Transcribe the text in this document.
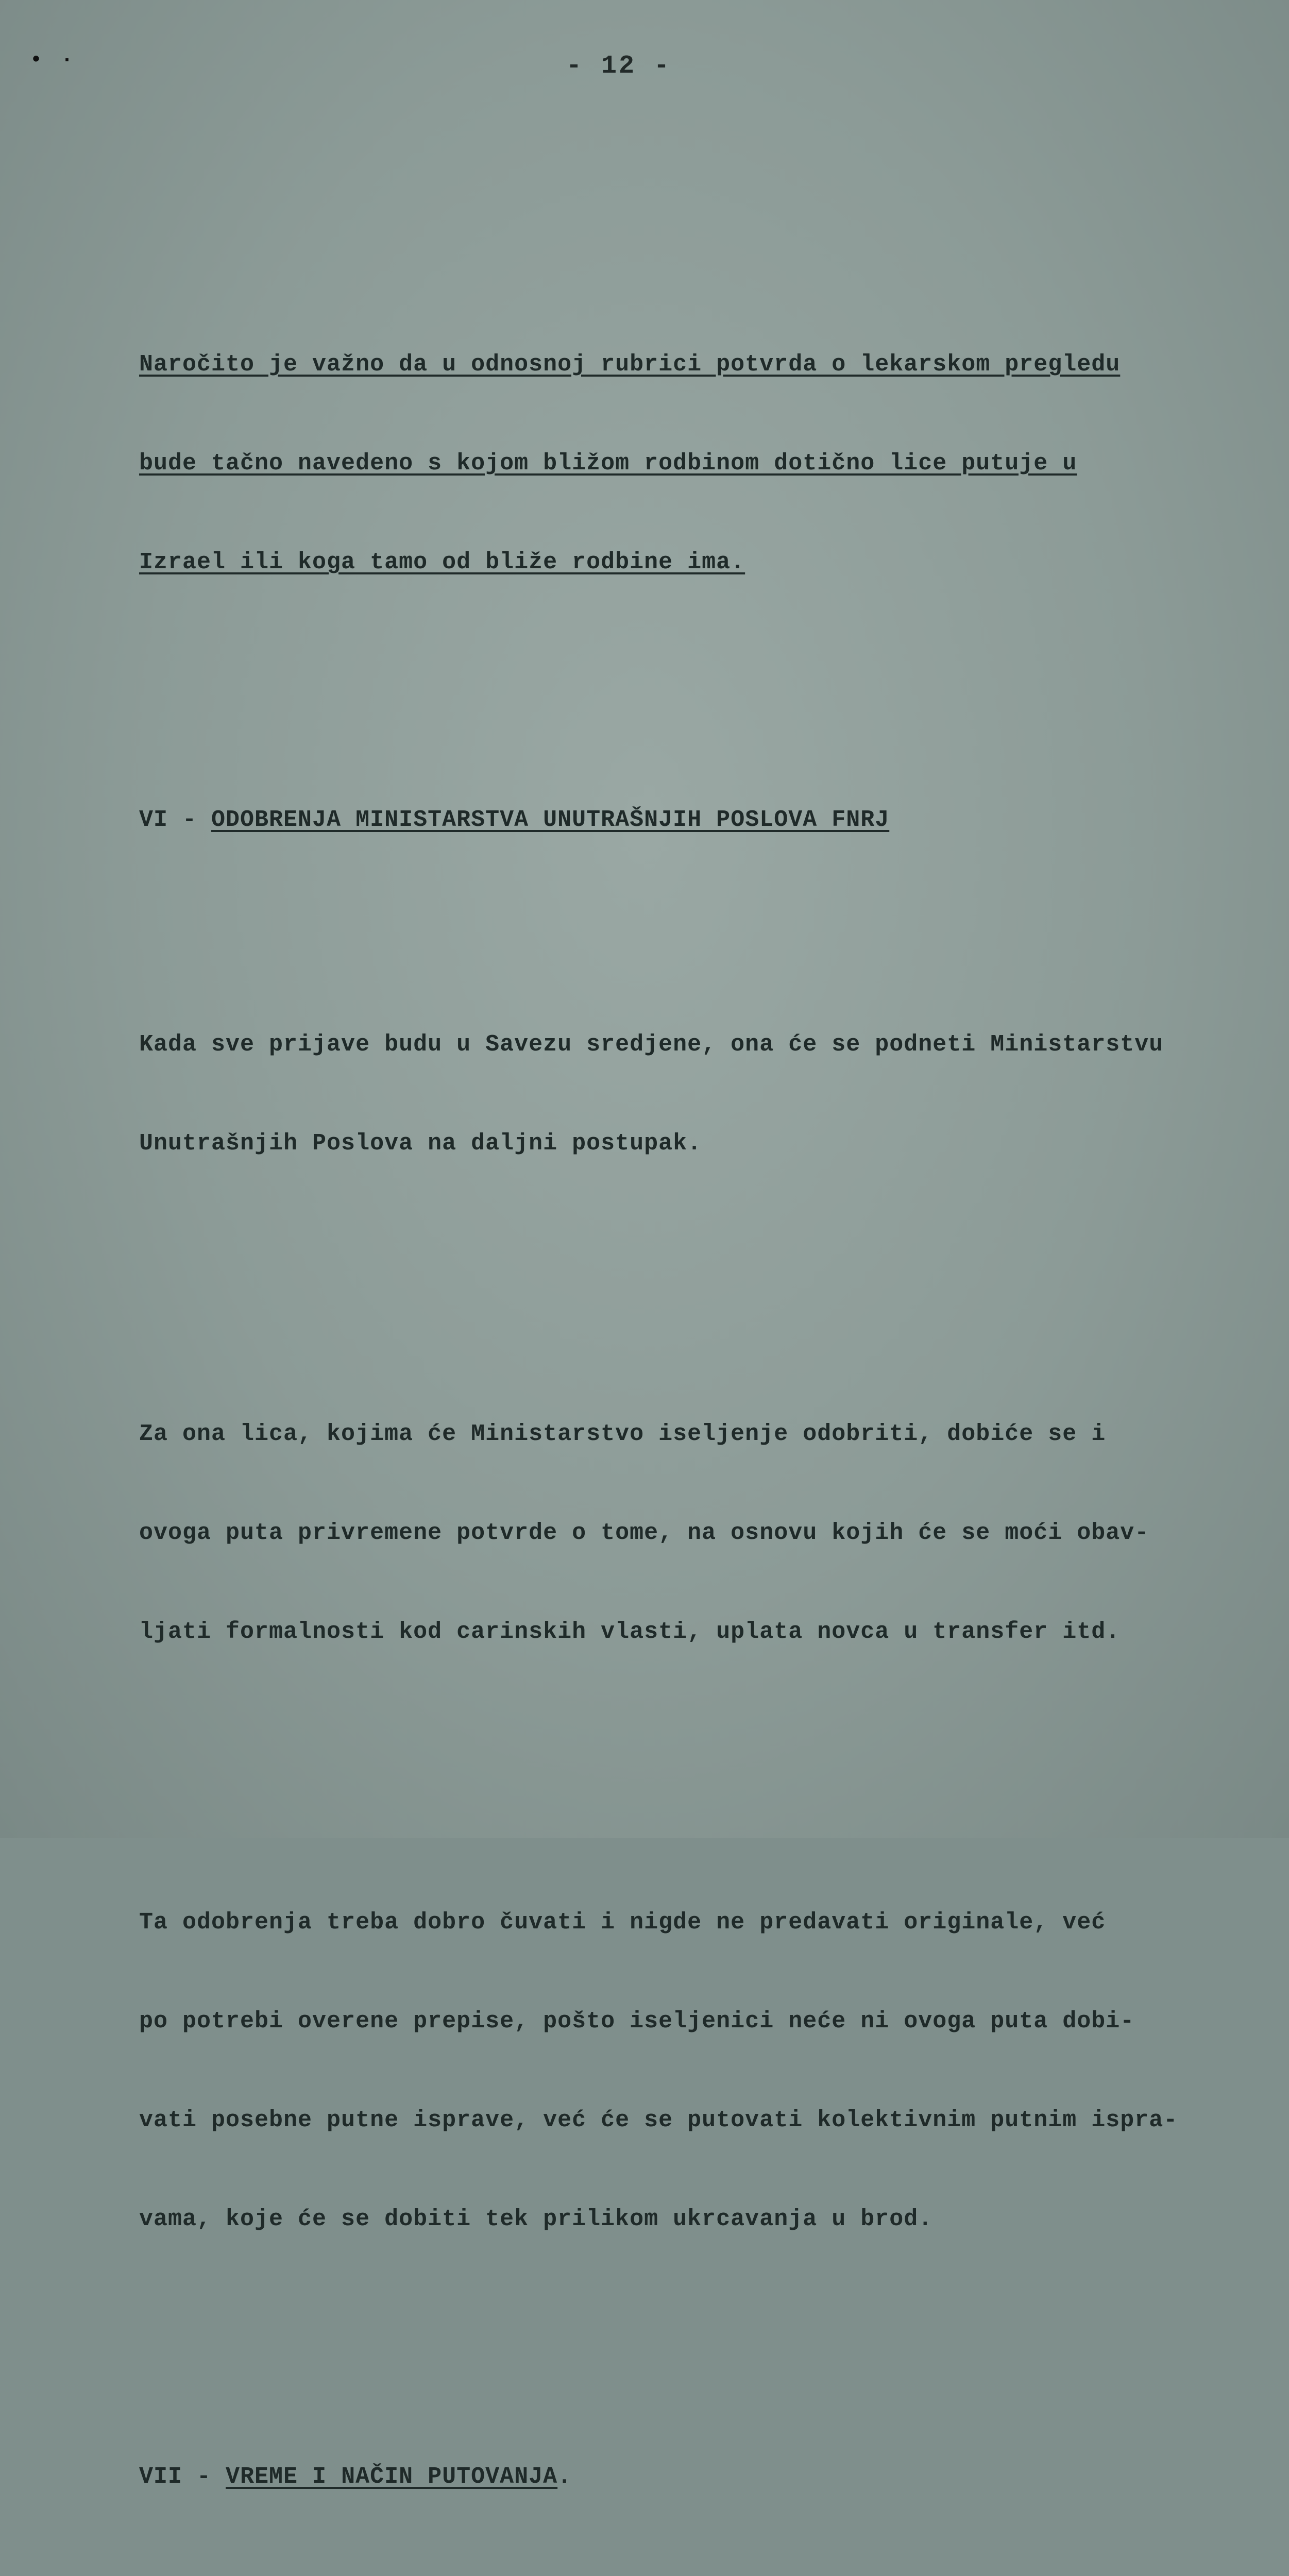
• ·	- 12 -

Naročito je važno da u odnosnoj rubrici potvrda o lekarskom pregledu

bude tačno navedeno s kojom bližom rodbinom dotično lice putuje u

Izrael ili koga tamo od bliže rodbine ima.

VI - ODOBRENJA MINISTARSTVA UNUTRAŠNJIH POSLOVA FNRJ

Kada sve prijave budu u Savezu sredjene, ona će se podneti Ministarstvu

Unutrašnjih Poslova na daljni postupak.

Za ona lica, kojima će Ministarstvo iseljenje odobriti, dobiće se i

ovoga puta privremene potvrde o tome, na osnovu kojih će se moći obav-

ljati formalnosti kod carinskih vlasti, uplata novca u transfer itd.

Ta odobrenja treba dobro čuvati i nigde ne predavati originale, već

po potrebi overene prepise, pošto iseljenici neće ni ovoga puta dobi-

vati posebne putne isprave, već će se putovati kolektivnim putnim ispra-

vama, koje će se dobiti tek prilikom ukrcavanja u brod.

VII - VREME I NAČIN PUTOVANJA.
